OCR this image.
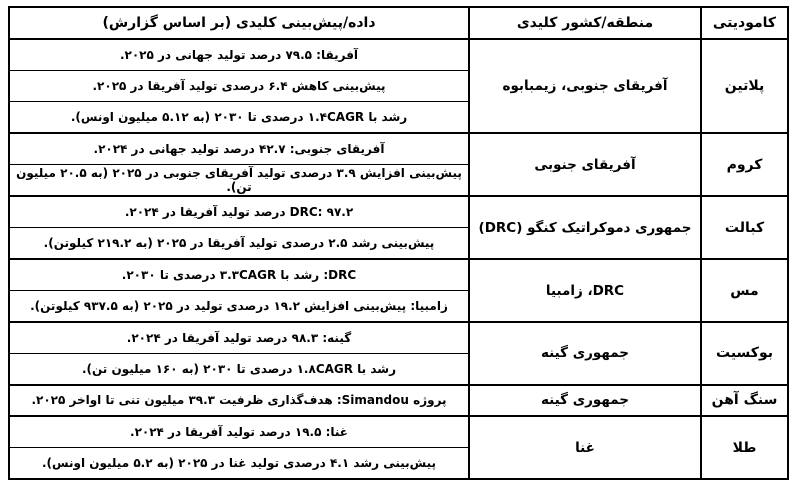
کامودیتی	منطقه/کشور کلیدی	داده/پیش‌بینی کلیدی (بر اساس گزارش)
پلاتین	آفریقای جنوبی، زیمبابوه	آفریقا: ۷۹.۵ درصد تولید جهانی در ۲۰۲۵.
		پیش‌بینی کاهش ۶.۴ درصدی تولید آفریقا در ۲۰۲۵.
		رشد با ۱.۴CAGR درصدی تا ۲۰۳۰ (به ۵.۱۲ میلیون اونس).
کروم	آفریقای جنوبی	آفریقای جنوبی: ۴۲.۷ درصد تولید جهانی در ۲۰۲۴.
		پیش‌بینی افزایش ۳.۹ درصدی تولید آفریقای جنوبی در ۲۰۲۵ (به ۲۰.۵ میلیون تن).
کبالت	جمهوری دموکراتیک کنگو (DRC)	DRC: ۹۷.۲ درصد تولید آفریقا در ۲۰۲۴.
		پیش‌بینی رشد ۲.۵ درصدی تولید آفریقا در ۲۰۲۵ (به ۲۱۹.۲ کیلوتن).
مس	DRC، زامبیا	DRC: رشد با ۳.۳CAGR درصدی تا ۲۰۳۰.
		زامبیا: پیش‌بینی افزایش ۱۹.۲ درصدی تولید در ۲۰۲۵ (به ۹۳۷.۵ کیلوتن).
بوکسیت	جمهوری گینه	گینه: ۹۸.۳ درصد تولید آفریقا در ۲۰۲۴.
		رشد با ۱.۸CAGR درصدی تا ۲۰۳۰ (به ۱۶۰ میلیون تن).
سنگ آهن	جمهوری گینه	پروژه Simandou: هدف‌گذاری ظرفیت ۳۹.۳ میلیون تنی تا اواخر ۲۰۲۵.
طلا	غنا	غنا: ۱۹.۵ درصد تولید آفریقا در ۲۰۲۴.
		پیش‌بینی رشد ۴.۱ درصدی تولید غنا در ۲۰۲۵ (به ۵.۲ میلیون اونس).
